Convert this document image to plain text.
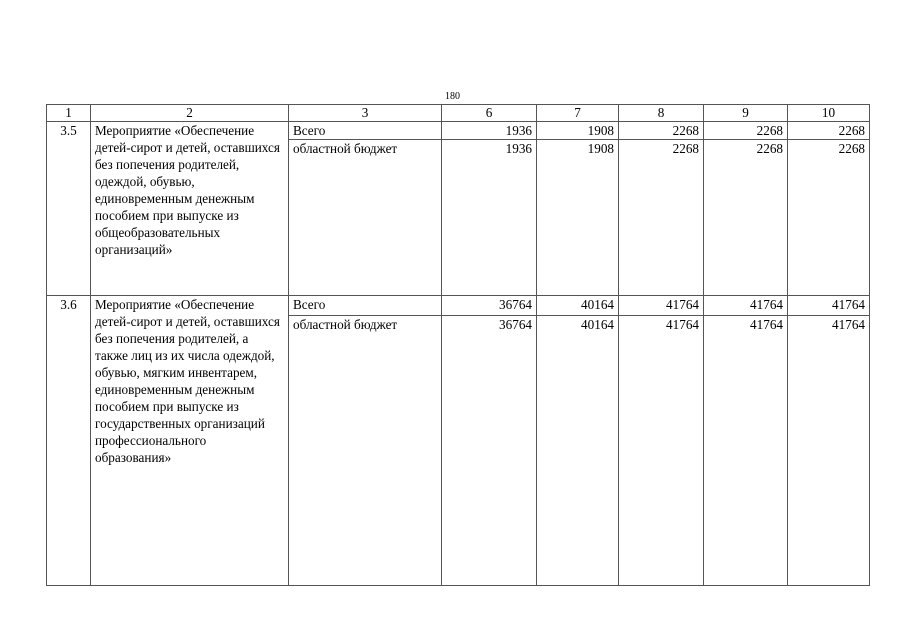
180
1	2	3	6	7	8	9	10
3.5	Мероприятие «Обеспечение детей-сирот и детей, оставшихся без попечения родителей, одеждой, обувью, единовременным денежным пособием при выпуске из общеобразовательных организаций»	Всего	1936	1908	2268	2268	2268
		областной бюджет	1936	1908	2268	2268	2268
3.6	Мероприятие «Обеспечение детей-сирот и детей, оставшихся без попечения родителей, а также лиц из их числа одеждой, обувью, мягким инвентарем, единовременным денежным пособием при выпуске из государственных организаций профессионального образования»	Всего	36764	40164	41764	41764	41764
		областной бюджет	36764	40164	41764	41764	41764
